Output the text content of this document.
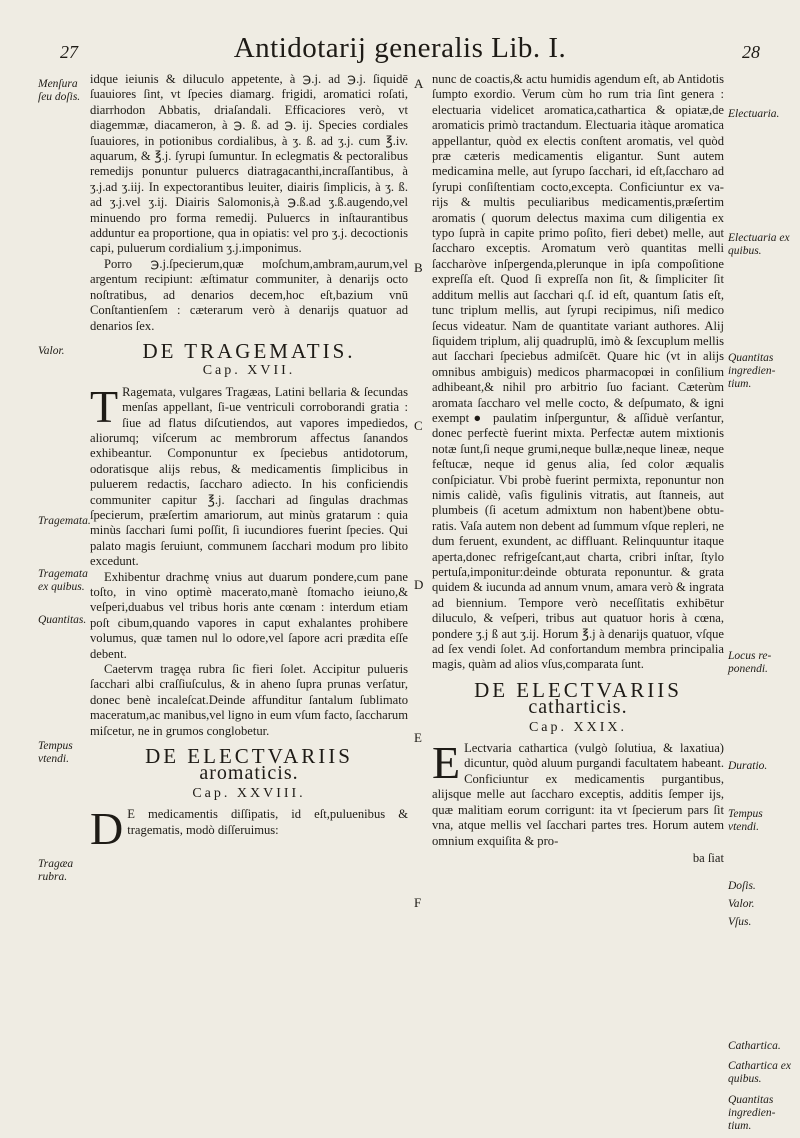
27	Antidotarij generalis Lib. I.	28
Menſura ſeu doſis.
Valor.
Tragemata.
Tragemata ex quibus.
Quantitas.
Tempus vtendi.
Tragæa rubra.

idque ieiunis & diluculo appetente, à ℈.j. ad ℈.j. ſiquidē ſuauiores ſint, vt ſpecies diamarg. frigidi, aromatici roſati, diarrhodon Abbatis, driaſandali. Efficaciores verò, vt diagemmæ, diacameron, à ℈. ß. ad ℈. ij. Species cordiales ſuauiores, in potionibus cordialibus, à ʒ. ß. ad ʒ.j. cum ℥.iv. aquarum, & ℥.j. ſyrupi ſumuntur. In eclegmatis & pectoralibus remedijs ponuntur puluercs diatragacanthi,incraſſantibus, à ʒ.j.ad ʒ.iij. In expectorantibus leuiter, diairis ſimplicis, à ʒ. ß. ad ʒ.j.vel ʒ.ij. Diairis Salomonis,à ℈.ß.ad ʒ.ß.augendo,vel minuendo pro forma remedij. Puluercs in inſtaurantibus adduntur ea proportione, qua in opiatis: vel pro ʒ.j. decoctionis capi, puluerum cordialium ʒ.j.imponimus.

Porro ℈.j.ſpecierum,quæ moſchum,ambram,aurum,vel argentum recipiunt: æſtimatur communiter, à denarijs octo noſtratibus, ad denarios decem,hoc eſt,bazium vnū Conſtantienſem : cæterarum verò à denarijs quatuor ad denarios ſex.

DE TRAGEMATIS.
Cap. XVII.

T Ragemata, vulgares Tragæas, Latini bellaria & ſecundas menſas appellant, ſi-ue ventriculi corroborandi gratia : ſiue ad flatus diſcutiendos, aut vapores impediedos, aliorumq; viſcerum ac membrorum affectus ſanandos exhibeantur. Componuntur ex ſpeciebus antidotorum, odoratisque alijs rebus, & medicamentis ſimplicibus in puluerem redactis, ſaccharo adiecto. In his conficiendis communiter capitur ℥.j. ſacchari ad ſingulas drachmas ſpecierum, præſertim amariorum, aut minùs gratarum : quia minùs ſacchari ſumi poſſit, ſi iucundiores fuerint ſpecies. Qui palato magis ſeruiunt, communem ſacchari modum pro libito excedunt.

Exhibentur drachmę vnius aut duarum pondere,cum pane toſto, in vino optimè macerato,manè ſtomacho ieiuno,& veſperi,duabus vel tribus horis ante cœnam : interdum etiam poſt cibum,quando vapores in caput exhalantes prohibere volumus, quæ tamen nul lo odore,vel ſapore acri prædita eſſe debent.

Caetervm tragęa rubra ſic fieri ſolet. Accipitur pulueris ſacchari albi craſſiuſculus, & in aheno ſupra prunas verſatur, donec benè incaleſcat.Deinde affunditur ſantalum ſublimato maceratum,ac manibus,vel ligno in eum vſum facto, ſaccharum miſcetur, ne in grumos conglobetur.

DE ELECTVARIIS
aromaticis.
Cap. XXVIII.

D E medicamentis diſſipatis, id eſt,puluenibus & tragematis, modò diſſeruimus:

A
B
C
D
E
F

nunc de coactis,& actu humidis agendum eſt, ab Antidotis ſumpto exordio. Verum cùm ho rum tria ſint genera : electuaria videlicet aromatica,cathartica & opiatæ,de aromaticis primò tractandum. Electuaria itàque aromatica appellantur, quòd ex electis conſtent aromatis, vel quòd præ cæteris medicamentis eligantur. Sunt autem medicamina melle, aut ſyrupo ſacchari, id eſt,ſaccharo ad ſyrupi conſiſtentiam cocto,excepta. Conficiuntur ex va-rijs & multis peculiaribus medicamentis,præſertim aromatis ( quorum delectus maxima cum diligentia ex typo ſuprà in capite primo poſito, fieri debet) melle, aut ſaccharo exceptis. Aromatum verò quantitas melli ſaccharòve inſpergenda,plerunque in ipſa compoſitione expreſſa eſt. Quod ſi expreſſa non ſit, & ſimpliciter ſit additum mellis aut ſacchari q.ſ. id eſt, quantum ſatis eſt, tunc triplum mellis, aut ſyrupi recipimus, niſi medico ſecus videatur. Nam de quantitate variant authores. Alij ſiquidem triplum, alij quadruplū, imò & ſexcuplum mellis aut ſacchari ſpeciebus admiſcēt. Quare hic (vt in alijs omnibus ambiguis) medicos pharmacopœi in conſilium adhibeant,& nihil pro arbitrio ſuo faciant. Cæterùm aromata ſaccharo vel melle cocto, & deſpumato, & igni exempt● paulatim inſperguntur, & aſſiduè verſantur, donec perfectè fuerint mixta. Perfectæ autem mixtionis notæ ſunt,ſi neque grumi,neque bullæ,neque lineæ, neque feſtucæ, neque id genus alia, ſed color æqualis conſpiciatur. Vbi probè fuerint permixta, reponuntur non nimis calidè, vaſis figulinis vitratis, aut ſtanneis, aut plumbeis (ſi acetum admixtum non habent)bene obtu-ratis. Vaſa autem non debent ad ſummum vſque repleri, ne dum feruent, exundent, ac diffluant. Relinquuntur itaque aperta,donec refrigeſcant,aut charta, cribri inſtar, ſtylo pertuſa,imponitur:deinde obturata reponuntur. & grata quidem & iucunda ad annum vnum, amara verò & ingrata ad biennium. Tempore verò neceſſitatis exhibētur diluculo, & veſperi, tribus aut quatuor horis à cœna, pondere ʒ.j ß aut ʒ.ij. Horum ℥.j à denarijs quatuor, vſque ad ſex vendi ſolet. Ad confortandum membra principalia magis, quàm ad alios vſus,comparata ſunt.

DE ELECTVARIIS
catharticis.
Cap. XXIX.

E Lectvaria cathartica (vulgò ſolutiua, & laxatiua) dicuntur, quòd aluum purgandi facultatem habeant. Conficiuntur ex medicamentis purgantibus, alijsque melle aut ſaccharo exceptis, additis ſemper ijs, quæ malitiam eorum corrigunt: ita vt ſpecierum pars ſit vna, atque mellis vel ſacchari partes tres. Horum autem omnium exquiſita & pro-

ba ſiat
Electuaria.
Electuaria ex quibus.
Quantitas ingredien-tium.
Locus re-ponendi.
Duratio.
Tempus vtendi.
Doſis.
Valor.
Vſus.
Cathartica.
Cathartica ex quibus.
Quantitas ingredien-tium.
